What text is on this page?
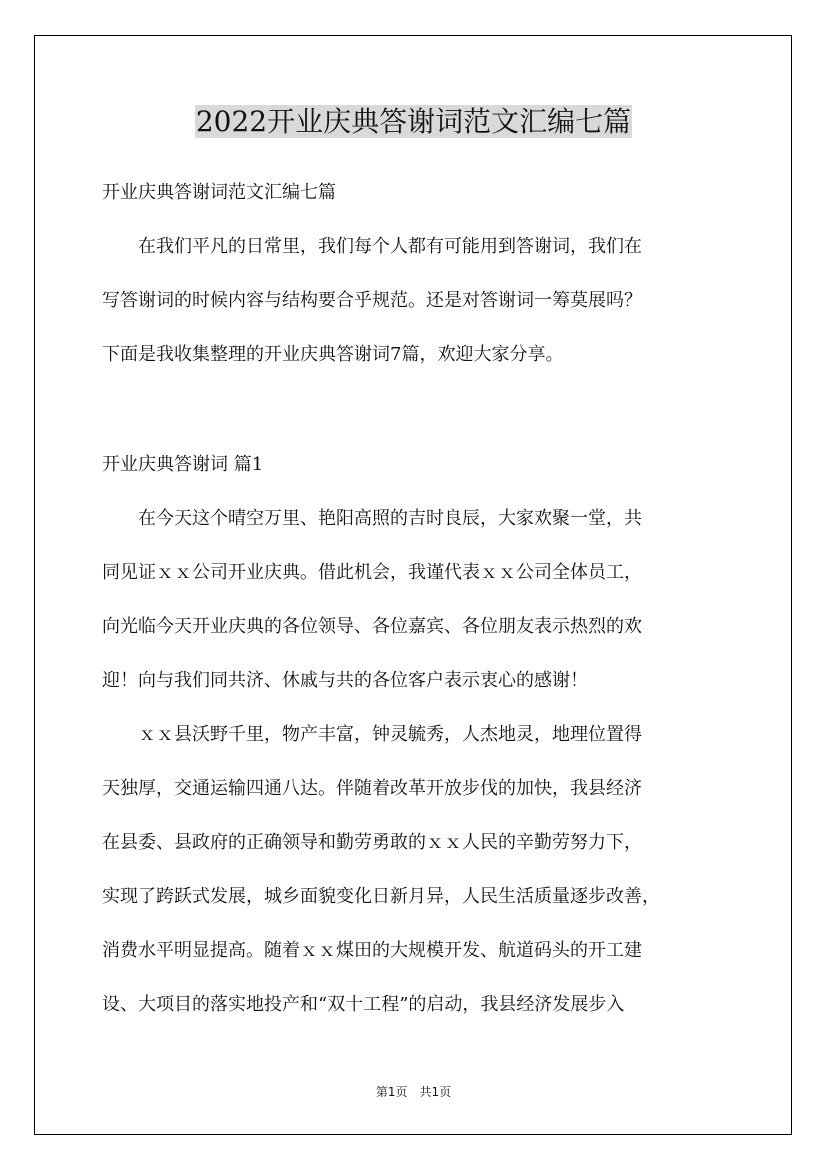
2022开业庆典答谢词范文汇编七篇

开业庆典答谢词范文汇编七篇

　　在我们平凡的日常里，我们每个人都有可能用到答谢词，我们在

写答谢词的时候内容与结构要合乎规范。还是对答谢词一筹莫展吗？

下面是我收集整理的开业庆典答谢词7篇，欢迎大家分享。

开业庆典答谢词 篇1

　　在今天这个晴空万里、艳阳高照的吉时良辰，大家欢聚一堂，共

同见证ｘｘ公司开业庆典。借此机会，我谨代表ｘｘ公司全体员工，

向光临今天开业庆典的各位领导、各位嘉宾、各位朋友表示热烈的欢

迎！向与我们同共济、休戚与共的各位客户表示衷心的感谢！

　　ｘｘ县沃野千里，物产丰富，钟灵毓秀，人杰地灵，地理位置得

天独厚，交通运输四通八达。伴随着改革开放步伐的加快，我县经济

在县委、县政府的正确领导和勤劳勇敢的ｘｘ人民的辛勤劳努力下，

实现了跨跃式发展，城乡面貌变化日新月异，人民生活质量逐步改善，

消费水平明显提高。随着ｘｘ煤田的大规模开发、航道码头的开工建

设、大项目的落实地投产和“双十工程”的启动，我县经济发展步入

第1页　共1页
